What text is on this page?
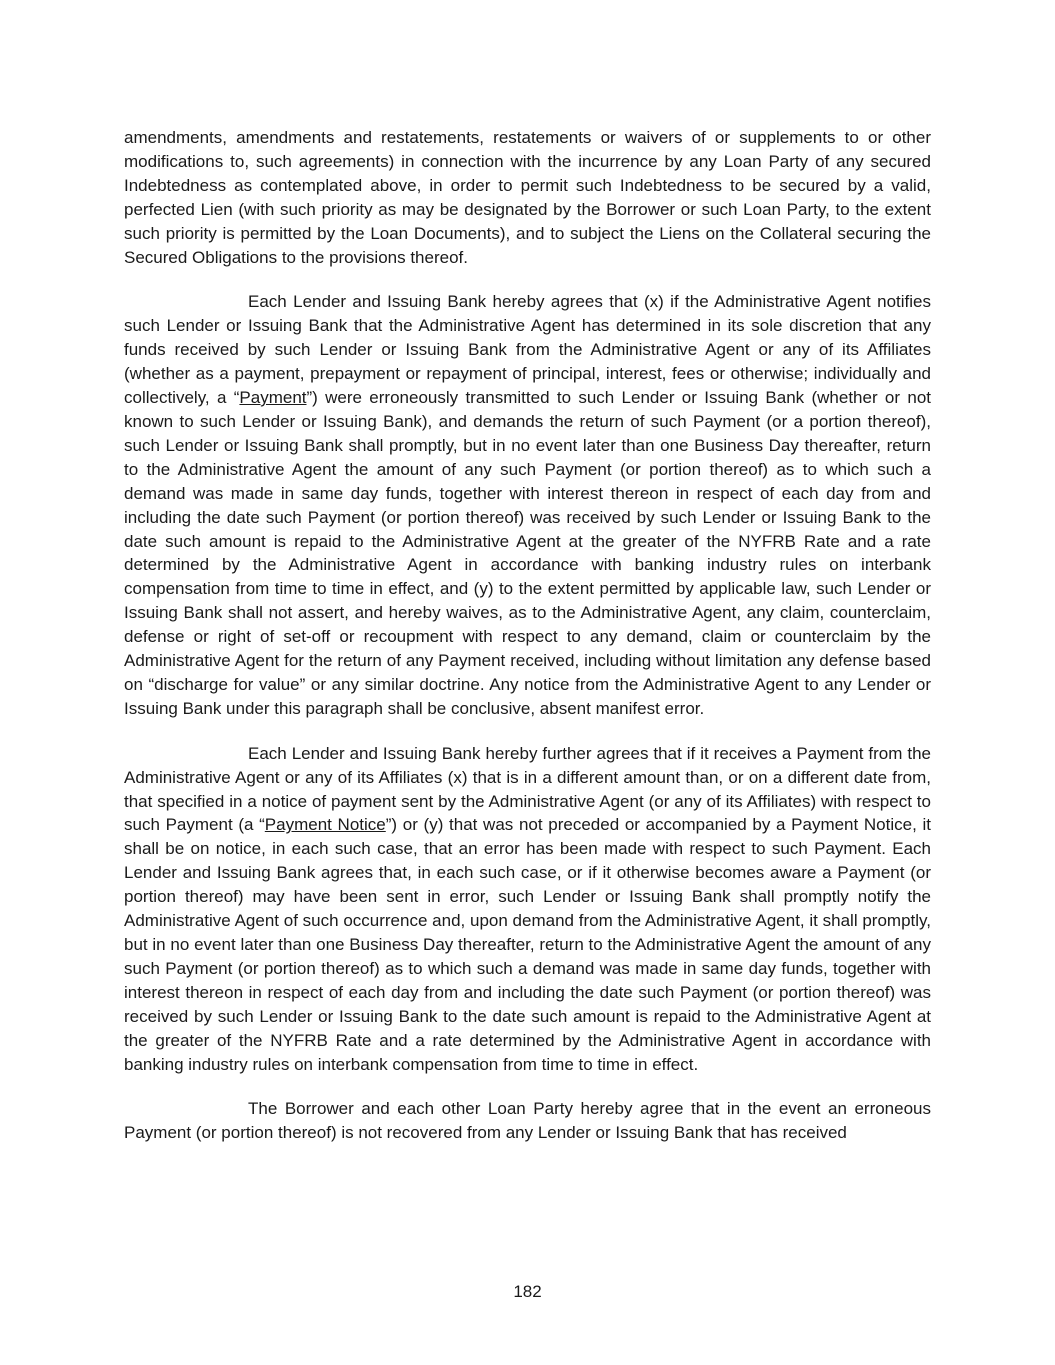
amendments, amendments and restatements, restatements or waivers of or supplements to or other modifications to, such agreements) in connection with the incurrence by any Loan Party of any secured Indebtedness as contemplated above, in order to permit such Indebtedness to be secured by a valid, perfected Lien (with such priority as may be designated by the Borrower or such Loan Party, to the extent such priority is permitted by the Loan Documents), and to subject the Liens on the Collateral securing the Secured Obligations to the provisions thereof.

Each Lender and Issuing Bank hereby agrees that (x) if the Administrative Agent notifies such Lender or Issuing Bank that the Administrative Agent has determined in its sole discretion that any funds received by such Lender or Issuing Bank from the Administrative Agent or any of its Affiliates (whether as a payment, prepayment or repayment of principal, interest, fees or otherwise; individually and collectively, a “Payment”) were erroneously transmitted to such Lender or Issuing Bank (whether or not known to such Lender or Issuing Bank), and demands the return of such Payment (or a portion thereof), such Lender or Issuing Bank shall promptly, but in no event later than one Business Day thereafter, return to the Administrative Agent the amount of any such Payment (or portion thereof) as to which such a demand was made in same day funds, together with interest thereon in respect of each day from and including the date such Payment (or portion thereof) was received by such Lender or Issuing Bank to the date such amount is repaid to the Administrative Agent at the greater of the NYFRB Rate and a rate determined by the Administrative Agent in accordance with banking industry rules on interbank compensation from time to time in effect, and (y) to the extent permitted by applicable law, such Lender or Issuing Bank shall not assert, and hereby waives, as to the Administrative Agent, any claim, counterclaim, defense or right of set-off or recoupment with respect to any demand, claim or counterclaim by the Administrative Agent for the return of any Payment received, including without limitation any defense based on “discharge for value” or any similar doctrine. Any notice from the Administrative Agent to any Lender or Issuing Bank under this paragraph shall be conclusive, absent manifest error.

Each Lender and Issuing Bank hereby further agrees that if it receives a Payment from the Administrative Agent or any of its Affiliates (x) that is in a different amount than, or on a different date from, that specified in a notice of payment sent by the Administrative Agent (or any of its Affiliates) with respect to such Payment (a “Payment Notice”) or (y) that was not preceded or accompanied by a Payment Notice, it shall be on notice, in each such case, that an error has been made with respect to such Payment. Each Lender and Issuing Bank agrees that, in each such case, or if it otherwise becomes aware a Payment (or portion thereof) may have been sent in error, such Lender or Issuing Bank shall promptly notify the Administrative Agent of such occurrence and, upon demand from the Administrative Agent, it shall promptly, but in no event later than one Business Day thereafter, return to the Administrative Agent the amount of any such Payment (or portion thereof) as to which such a demand was made in same day funds, together with interest thereon in respect of each day from and including the date such Payment (or portion thereof) was received by such Lender or Issuing Bank to the date such amount is repaid to the Administrative Agent at the greater of the NYFRB Rate and a rate determined by the Administrative Agent in accordance with banking industry rules on interbank compensation from time to time in effect.

The Borrower and each other Loan Party hereby agree that in the event an erroneous Payment (or portion thereof) is not recovered from any Lender or Issuing Bank that has received

182
